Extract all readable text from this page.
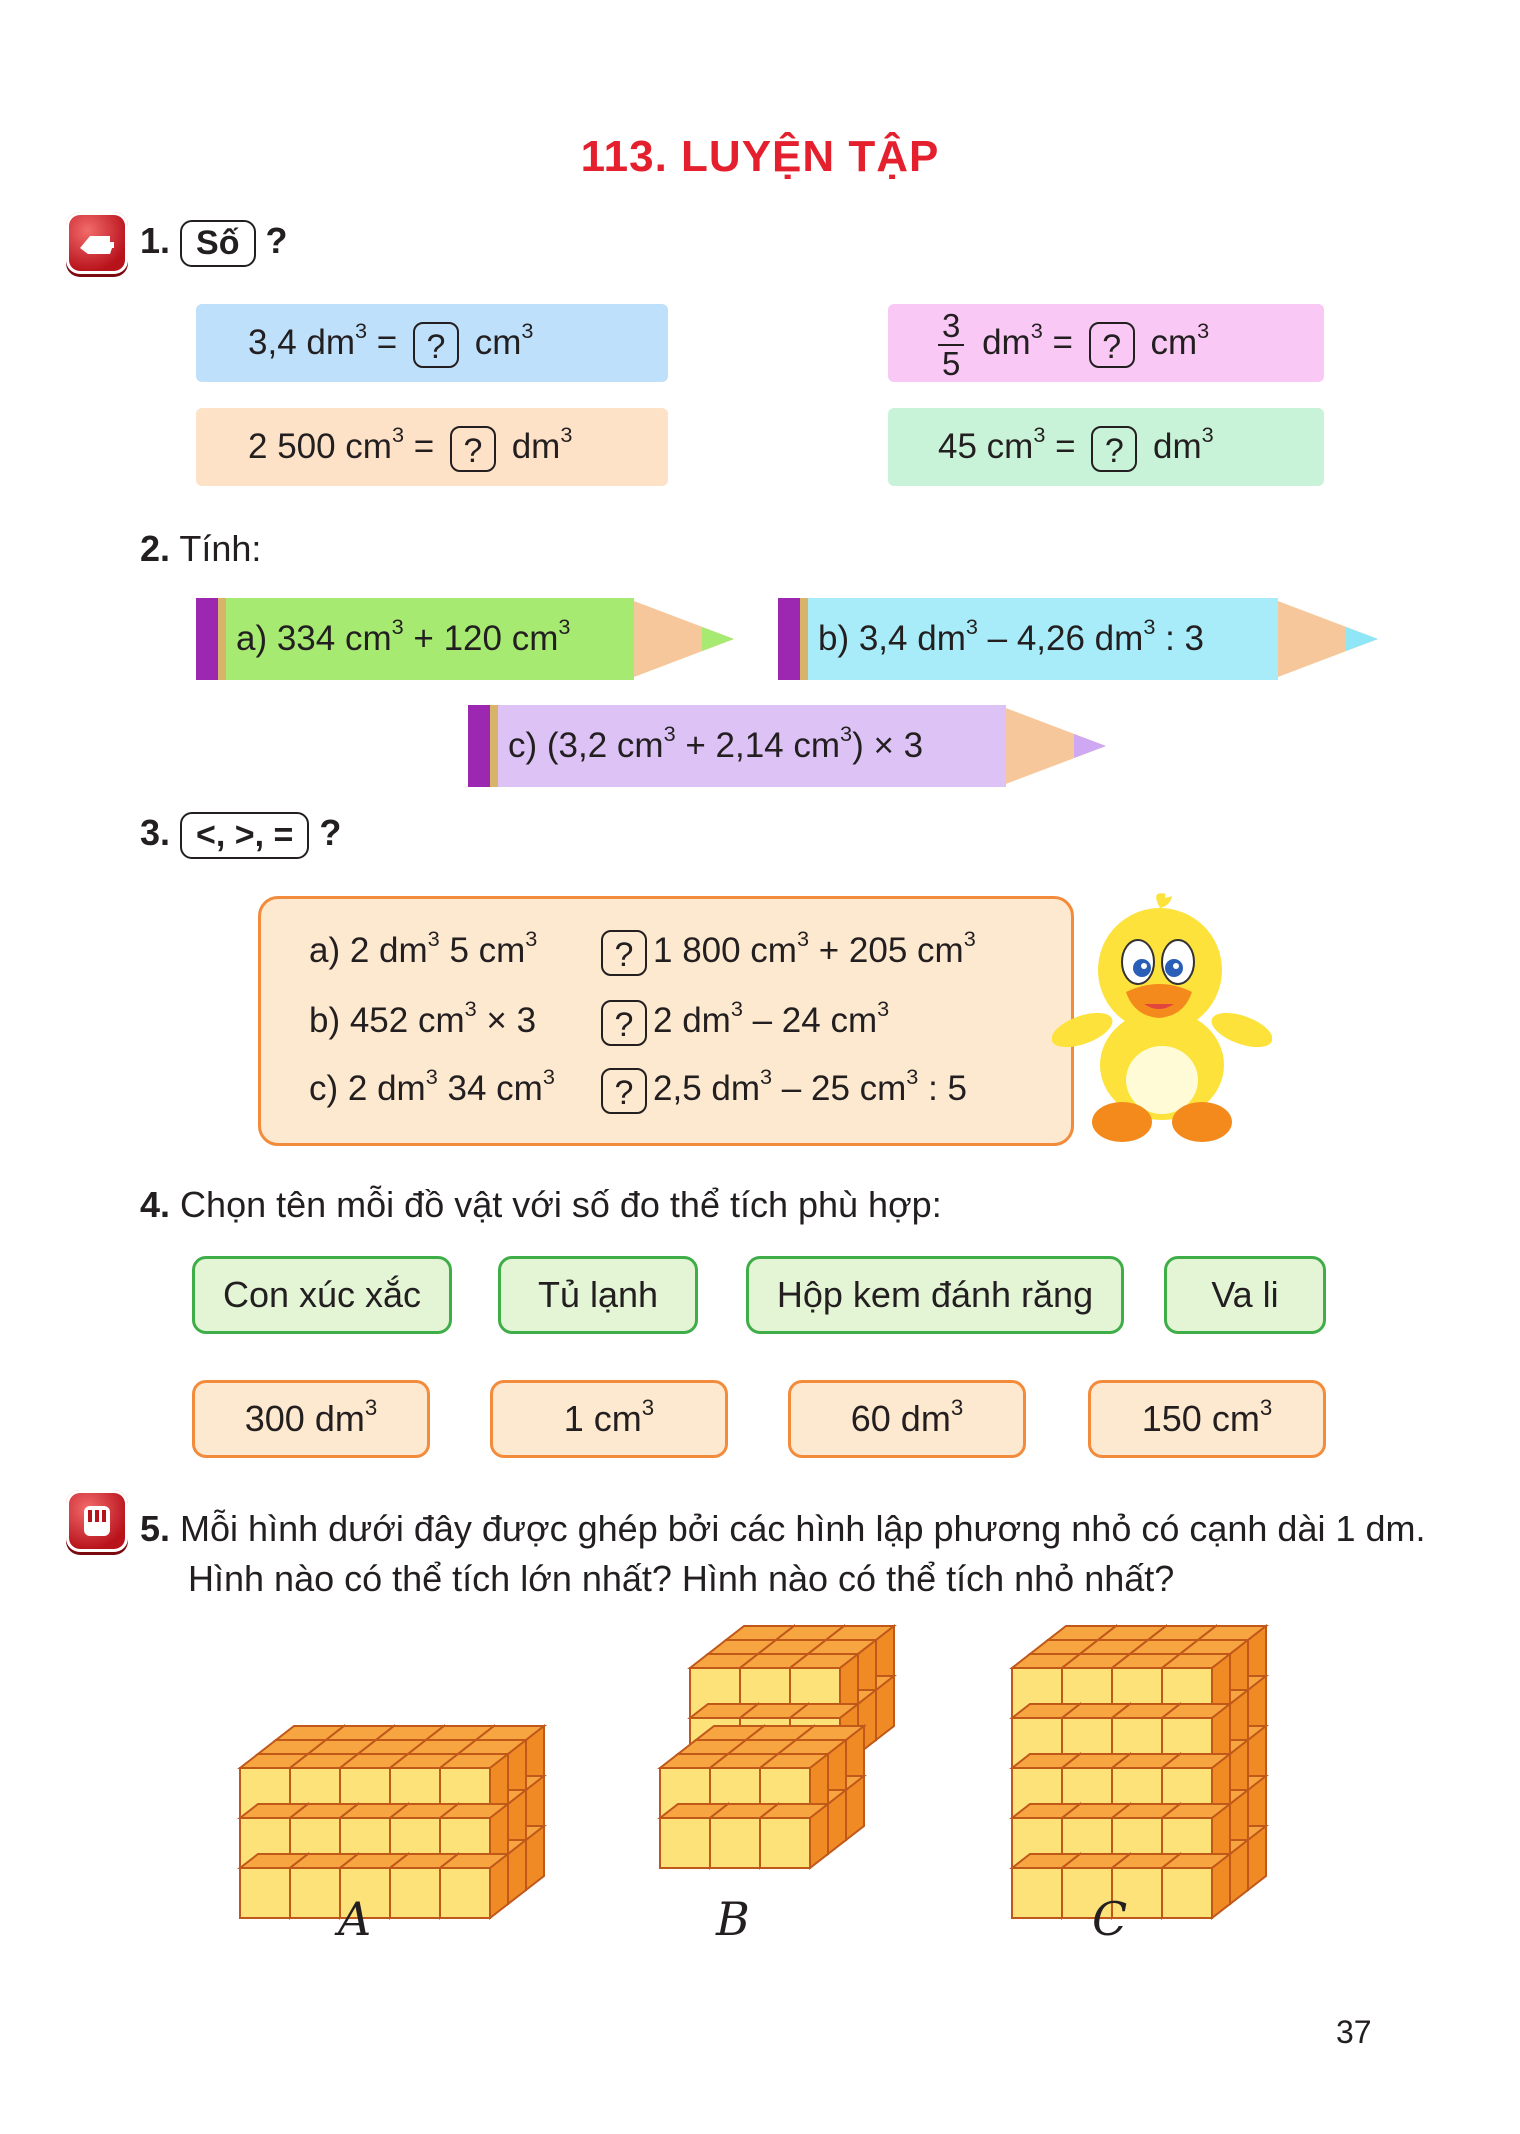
113. LUYỆN TẬP
1. Số ?
3,4 $dm^3$ = ? $cm^3$	$\frac{3}{5} dm^3$ = ? $cm^3$
2 500 $cm^3$ = ? $dm^3$	45 $cm^3$ = ? $dm^3$
2. Tính:
a) 334 $cm^3 + 120$ $cm^3$	b) 3,4 $dm^3 - 4,26$ $dm^3$ : 3
c) (3,2 $cm^3 + 2,14$ $cm^3) \times 3$
3. <, >, = ?
a) 2 $dm^3$ 5 $cm^3$ ? 1 800 $cm^3 + 205$ $cm^3$
b) 452 $cm^3 \times 3$ ? 2 $dm^3 - 24$ $cm^3$
c) 2 $dm^3$ 34 $cm^3$ ? 2,5 $dm^3 - 25$ $cm^3$ : 5
4. Chọn tên mỗi đồ vật với số đo thể tích phù hợp:
Con xúc xắc	Tủ lạnh	Hộp kem đánh răng	Va li
300 $dm^3$	1 $cm^3$	60 $dm^3$	150 $cm^3$
5. Mỗi hình dưới đây được ghép bởi các hình lập phương nhỏ có cạnh dài 1 dm.
Hình nào có thể tích lớn nhất? Hình nào có thể tích nhỏ nhất?
A	B	C
37
